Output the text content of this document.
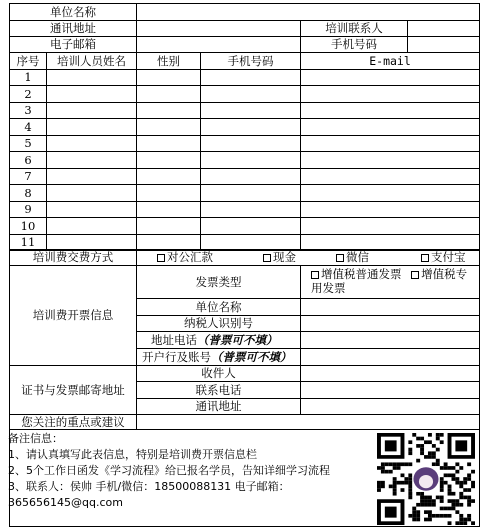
单位名称
通讯地址	培训联系人
电子邮箱	手机号码
序号	培训人员姓名	性别	手机号码	E-mail
1
2
3
4
5
6
7
8
9
10
11
培训费交费方式	对公汇款	现金	微信	支付宝
培训费开票信息
发票类型
增值税普通发票 增值税专用发票
单位名称
纳税人识别号
地址电话 （普票可不填）
开户行及账号 （普票可不填）
证书与发票邮寄地址
收件人
联系电话
通讯地址
您关注的重点或建议
备注信息：
1、请认真填写此表信息，特别是培训费开票信息栏
2、5个工作日函发《学习流程》给已报名学员，告知详细学习流程
3、联系人：侯帅 手机/微信：18500088131 电子邮箱：
365656145@qq.com
